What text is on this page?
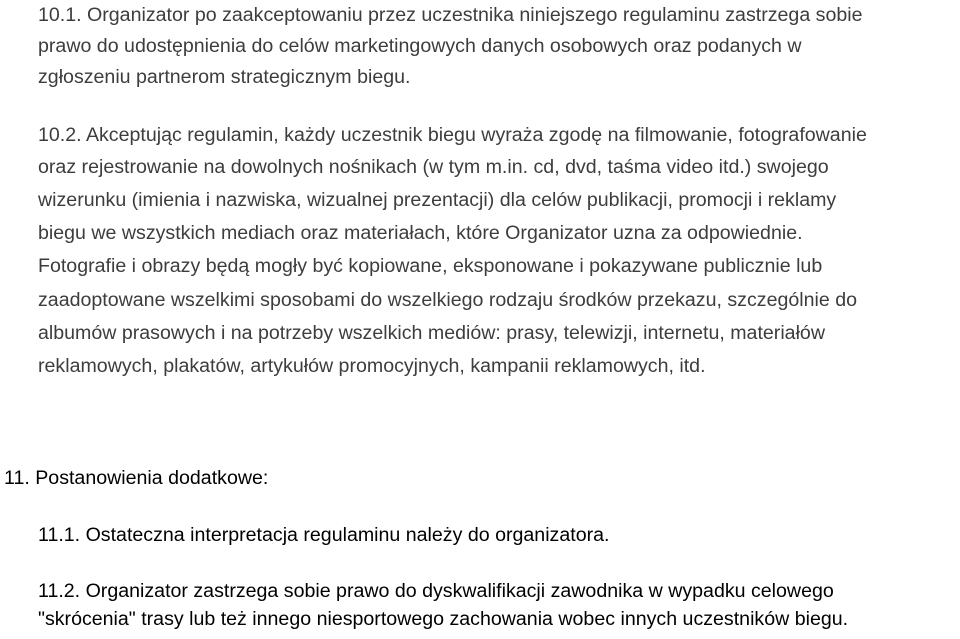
10.1. Organizator po zaakceptowaniu przez uczestnika niniejszego regulaminu zastrzega sobie
prawo do udostępnienia do celów marketingowych danych osobowych oraz podanych w
zgłoszeniu partnerom strategicznym biegu.
10.2. Akceptując regulamin, każdy uczestnik biegu wyraża zgodę na filmowanie, fotografowanie
oraz rejestrowanie na dowolnych nośnikach (w tym m.in. cd, dvd, taśma video itd.) swojego
wizerunku (imienia i nazwiska, wizualnej prezentacji) dla celów publikacji, promocji i reklamy
biegu we wszystkich mediach oraz materiałach, które Organizator uzna za odpowiednie.
Fotografie i obrazy będą mogły być kopiowane, eksponowane i pokazywane publicznie lub
zaadoptowane wszelkimi sposobami do wszelkiego rodzaju środków przekazu, szczególnie do
albumów prasowych i na potrzeby wszelkich mediów: prasy, telewizji, internetu, materiałów
reklamowych, plakatów, artykułów promocyjnych, kampanii reklamowych, itd.
11. Postanowienia dodatkowe:
11.1. Ostateczna interpretacja regulaminu należy do organizatora.
11.2. Organizator zastrzega sobie prawo do dyskwalifikacji zawodnika w wypadku celowego
"skrócenia" trasy lub też innego niesportowego zachowania wobec innych uczestników biegu.
